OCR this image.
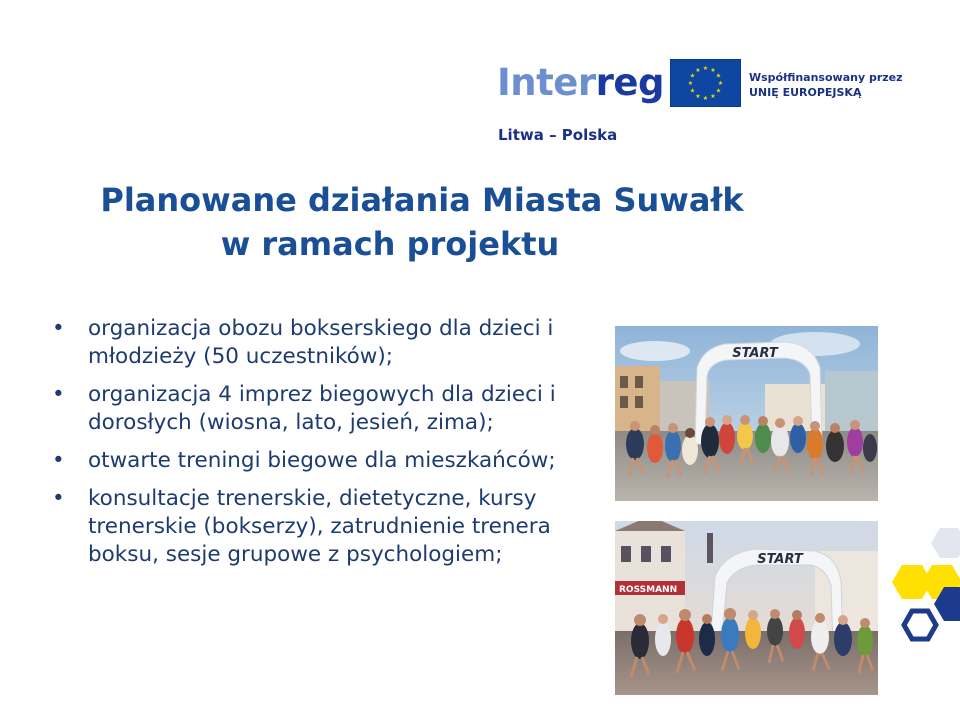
Interreg
Litwa – Polska
★ ★
★
★
★
★
★
★
★
★
★
★
Współfinansowany przez
UNIĘ EUROPEJSKĄ
Planowane działania Miasta Suwałk
w ramach projektu
• organizacja obozu bokserskiego dla dzieci i młodzieży (50 uczestników);
• organizacja 4 imprez biegowych dla dzieci i dorosłych (wiosna, lato, jesień, zima);
• otwarte treningi biegowe dla mieszkańców;
• konsultacje trenerskie, dietetyczne, kursy trenerskie (bokserzy), zatrudnienie trenera boksu, sesje grupowe z psychologiem;
START
ROSSMANN
START
